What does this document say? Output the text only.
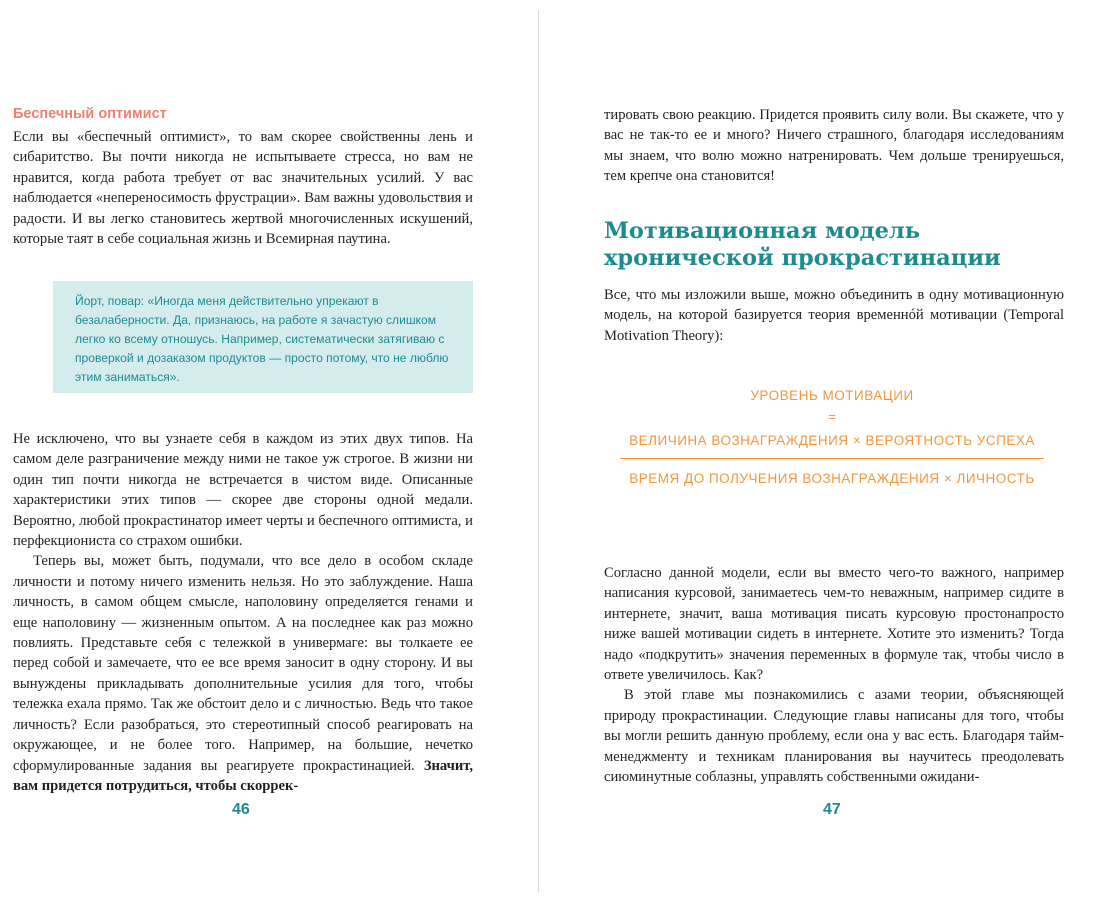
Беспечный оптимист

Если вы «беспечный оптимист», то вам скорее свойственны лень и сибаритство. Вы почти никогда не испытываете стресса, но вам не нравится, когда работа требует от вас значительных усилий. У вас наблюдается «непереносимость фрустрации». Вам важны удовольствия и радости. И вы легко становитесь жертвой многочисленных искушений, которые таят в себе социальная жизнь и Всемирная паутина.

Йорт, повар: «Иногда меня действительно упрекают в безалаберности. Да, признаюсь, на работе я зачастую слишком легко ко всему отношусь. Например, систематически затягиваю с проверкой и дозаказом продуктов — просто потому, что не люблю этим заниматься».

Не исключено, что вы узнаете себя в каждом из этих двух типов. На самом деле разграничение между ними не такое уж строгое. В жизни ни один тип почти никогда не встречается в чистом виде. Описанные характеристики этих типов — скорее две стороны одной медали. Вероятно, любой прокрастинатор имеет черты и беспечного оптимиста, и перфекциониста со страхом ошибки.

Теперь вы, может быть, подумали, что все дело в особом складе личности и потому ничего изменить нельзя. Но это заблуждение. Наша личность, в самом общем смысле, наполовину определяется генами и еще наполовину — жизненным опытом. А на последнее как раз можно повлиять. Представьте себя с тележкой в универмаге: вы толкаете ее перед собой и замечаете, что ее все время заносит в одну сторону. И вы вынуждены прикладывать дополнительные усилия для того, чтобы тележка ехала прямо. Так же обстоит дело и с личностью. Ведь что такое личность? Если разобраться, это стереотипный способ реагировать на окружающее, и не более того. Например, на большие, нечетко сформулированные задания вы реагируете прокрастинацией. Значит, вам придется потрудиться, чтобы скоррек-

46

тировать свою реакцию. Придется проявить силу воли. Вы скажете, что у вас не так-то ее и много? Ничего страшного, благодаря исследованиям мы знаем, что волю можно натренировать. Чем дольше тренируешься, тем крепче она становится!

Мотивационная модель хронической прокрастинации

Все, что мы изложили выше, можно объединить в одну мотивационную модель, на которой базируется теория временнóй мотивации (Temporal Motivation Theory):

УРОВЕНЬ МОТИВАЦИИ
=
ВЕЛИЧИНА ВОЗНАГРАЖДЕНИЯ × ВЕРОЯТНОСТЬ УСПЕХА
ВРЕМЯ ДО ПОЛУЧЕНИЯ ВОЗНАГРАЖДЕНИЯ × ЛИЧНОСТЬ

Согласно данной модели, если вы вместо чего-то важного, например написания курсовой, занимаетесь чем-то неважным, например сидите в интернете, значит, ваша мотивация писать курсовую простонапросто ниже вашей мотивации сидеть в интернете. Хотите это изменить? Тогда надо «подкрутить» значения переменных в формуле так, чтобы число в ответе увеличилось. Как?

В этой главе мы познакомились с азами теории, объясняющей природу прокрастинации. Следующие главы написаны для того, чтобы вы могли решить данную проблему, если она у вас есть. Благодаря тайм-менеджменту и техникам планирования вы научитесь преодолевать сиюминутные соблазны, управлять собственными ожидани-

47
